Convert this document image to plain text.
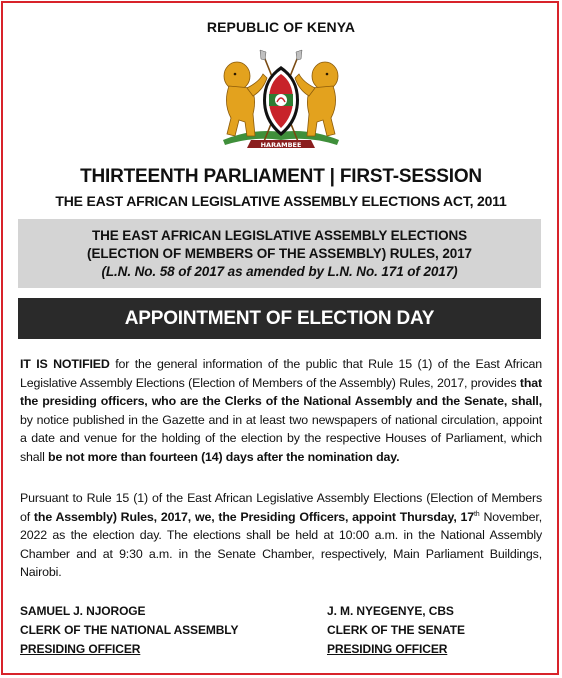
REPUBLIC OF KENYA
HARAMBEE
THIRTEENTH PARLIAMENT | FIRST-SESSION
THE EAST AFRICAN LEGISLATIVE ASSEMBLY ELECTIONS ACT, 2011
THE EAST AFRICAN LEGISLATIVE ASSEMBLY ELECTIONS
(ELECTION OF MEMBERS OF THE ASSEMBLY) RULES, 2017
(L.N. No. 58 of 2017 as amended by L.N. No. 171 of 2017)
APPOINTMENT OF ELECTION DAY
IT IS NOTIFIED for the general information of the public that Rule 15 (1) of the East African Legislative Assembly Elections (Election of Members of the Assembly) Rules, 2017, provides that the presiding officers, who are the Clerks of the National Assembly and the Senate, shall, by notice published in the Gazette and in at least two newspapers of national circulation, appoint a date and venue for the holding of the election by the respective Houses of Parliament, which shall be not more than fourteen (14) days after the nomination day.
Pursuant to Rule 15 (1) of the East African Legislative Assembly Elections (Election of Members of the Assembly) Rules, 2017, we, the Presiding Officers, appoint Thursday, 17th November, 2022 as the election day. The elections shall be held at 10:00 a.m. in the National Assembly Chamber and at 9:30 a.m. in the Senate Chamber, respectively, Main Parliament Buildings, Nairobi.
SAMUEL J. NJOROGE
CLERK OF THE NATIONAL ASSEMBLY
PRESIDING OFFICER
J. M. NYEGENYE, CBS
CLERK OF THE SENATE
PRESIDING OFFICER
